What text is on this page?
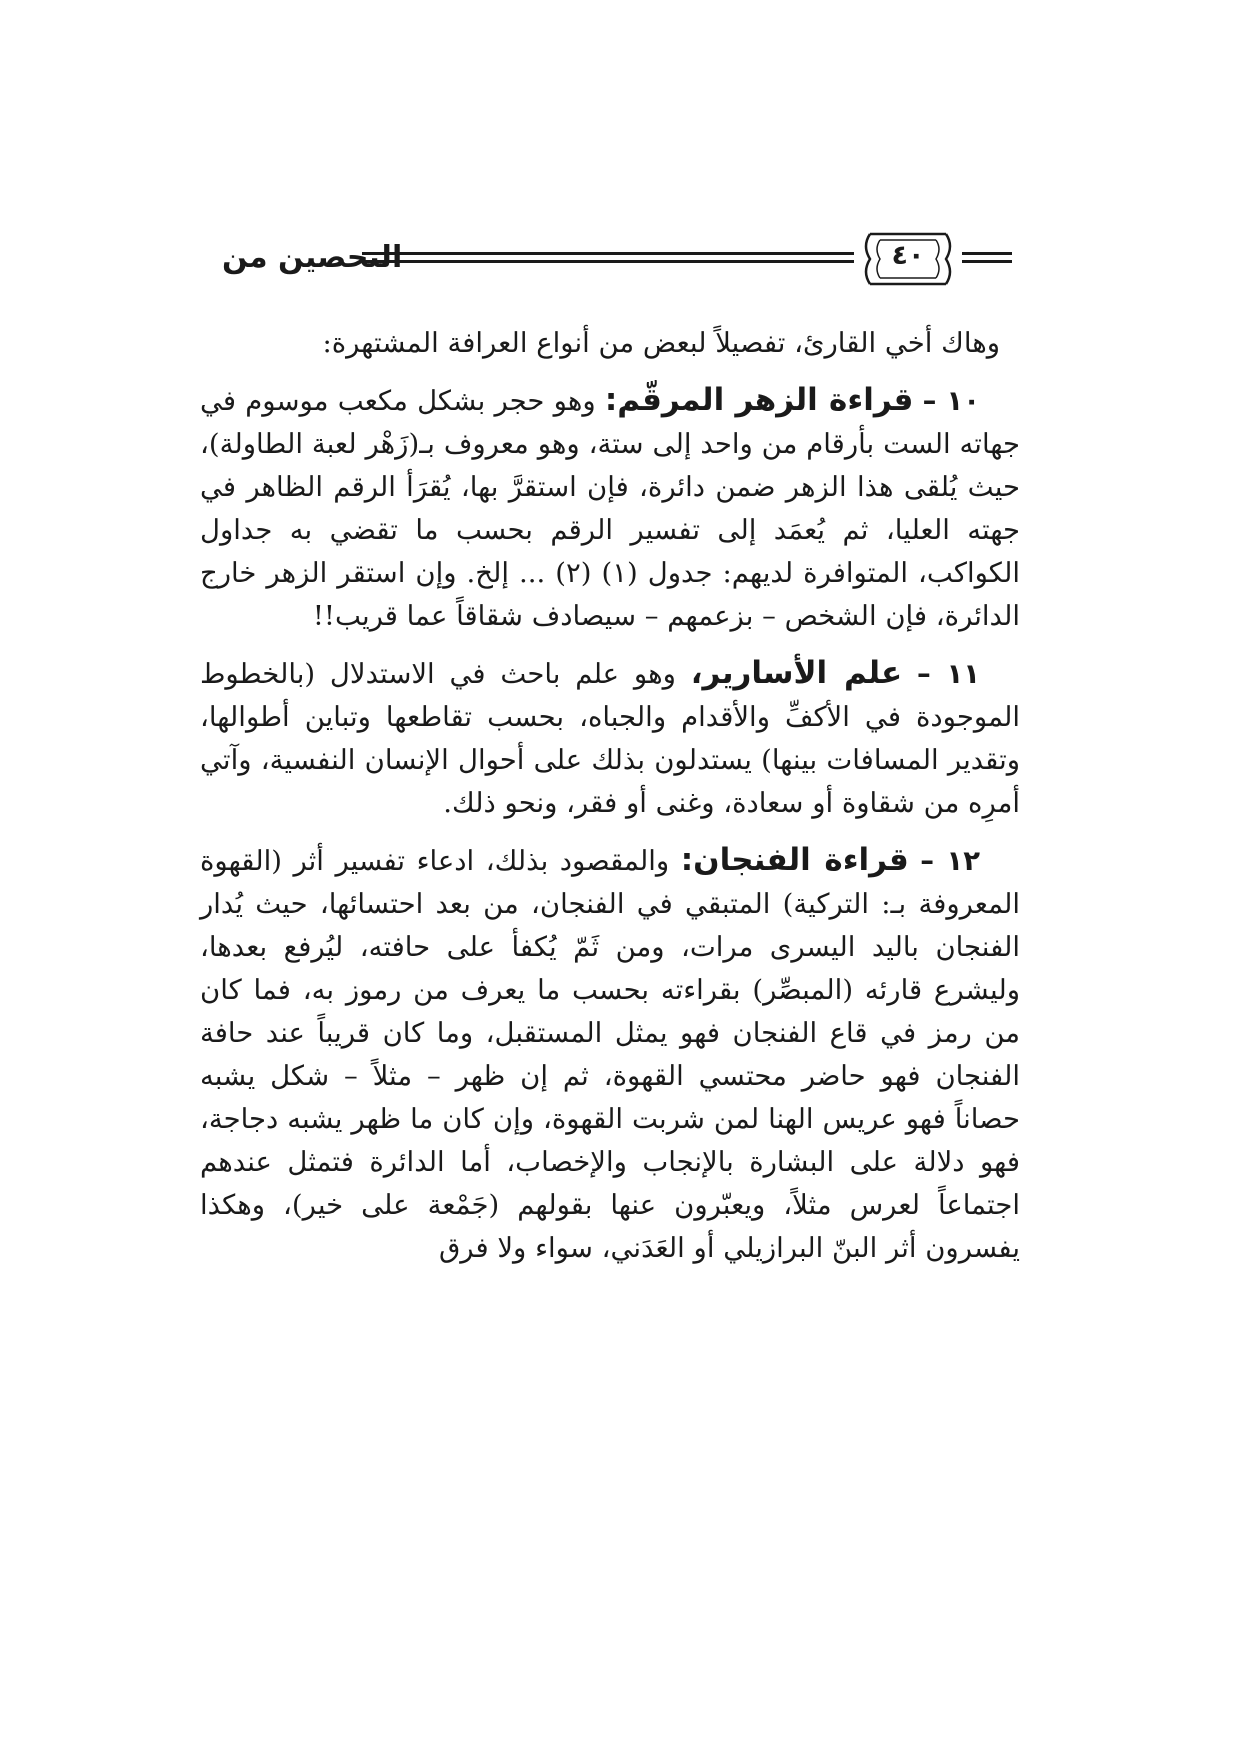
التحصين من	٤٠

وهاك أخي القارئ، تفصيلاً لبعض من أنواع العرافة المشتهرة:

١٠ – قراءة الزهر المرقّم: وهو حجر بشكل مكعب موسوم في جهاته الست بأرقام من واحد إلى ستة، وهو معروف بـ(زَهْر لعبة الطاولة)، حيث يُلقى هذا الزهر ضمن دائرة، فإن استقرَّ بها، يُقرَأ الرقم الظاهر في جهته العليا، ثم يُعمَد إلى تفسير الرقم بحسب ما تقضي به جداول الكواكب، المتوافرة لديهم: جدول (١) (٢) ... إلخ. وإن استقر الزهر خارج الدائرة، فإن الشخص – بزعمهم – سيصادف شقاقاً عما قريب!!

١١ – علم الأسارير، وهو علم باحث في الاستدلال (بالخطوط الموجودة في الأكفِّ والأقدام والجباه، بحسب تقاطعها وتباين أطوالها، وتقدير المسافات بينها) يستدلون بذلك على أحوال الإنسان النفسية، وآتي أمرِه من شقاوة أو سعادة، وغنى أو فقر، ونحو ذلك.

١٢ – قراءة الفنجان: والمقصود بذلك، ادعاء تفسير أثر (القهوة المعروفة بـ: التركية) المتبقي في الفنجان، من بعد احتسائها، حيث يُدار الفنجان باليد اليسرى مرات، ومن ثَمّ يُكفأ على حافته، ليُرفع بعدها، وليشرع قارئه (المبصِّر) بقراءته بحسب ما يعرف من رموز به، فما كان من رمز في قاع الفنجان فهو يمثل المستقبل، وما كان قريباً عند حافة الفنجان فهو حاضر محتسي القهوة، ثم إن ظهر – مثلاً – شكل يشبه حصاناً فهو عريس الهنا لمن شربت القهوة، وإن كان ما ظهر يشبه دجاجة، فهو دلالة على البشارة بالإنجاب والإخصاب، أما الدائرة فتمثل عندهم اجتماعاً لعرس مثلاً، ويعبّرون عنها بقولهم (جَمْعة على خير)، وهكذا يفسرون أثر البنّ البرازيلي أو العَدَني، سواء ولا فرق
